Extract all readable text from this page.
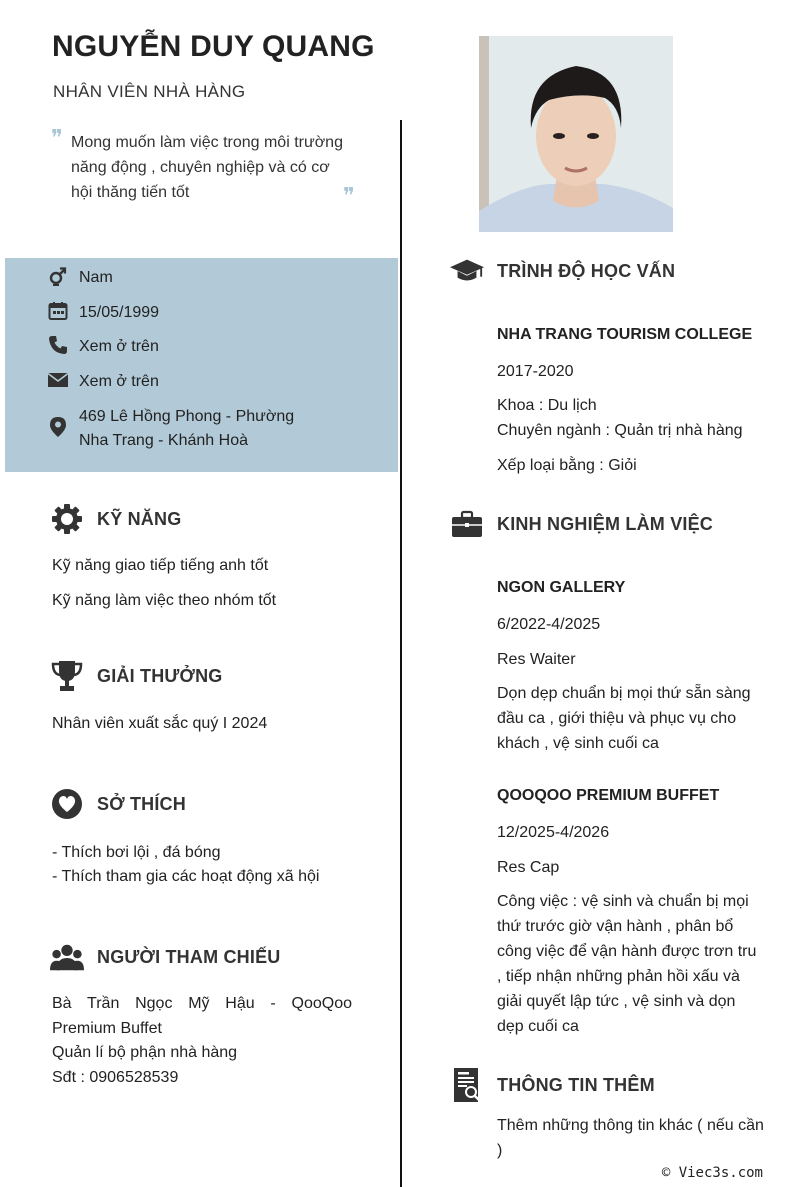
NGUYỄN DUY QUANG
NHÂN VIÊN NHÀ HÀNG
❞ Mong muốn làm việc trong môi trường năng động , chuyên nghiệp và có cơ hội thăng tiến tốt	❞
Nam
15/05/1999
Xem ở trên
Xem ở trên
469 Lê Hồng Phong - Phường
Nha Trang - Khánh Hoà
KỸ NĂNG
Kỹ năng giao tiếp tiếng anh tốt
Kỹ năng làm việc theo nhóm tốt
GIẢI THƯỞNG
Nhân viên xuất sắc quý I 2024
SỞ THÍCH
- Thích bơi lội , đá bóng
- Thích tham gia các hoạt động xã hội
NGƯỜI THAM CHIẾU
Bà Trần Ngọc Mỹ Hậu - QooQoo Premium Buffet
Quản lí bộ phận nhà hàng
Sđt : 0906528539
TRÌNH ĐỘ HỌC VẤN
NHA TRANG TOURISM COLLEGE
2017-2020
Khoa : Du lịch
Chuyên ngành : Quản trị nhà hàng
Xếp loại bằng : Giỏi
KINH NGHIỆM LÀM VIỆC
NGON GALLERY
6/2022-4/2025
Res Waiter
Dọn dẹp chuẩn bị mọi thứ sẵn sàng đầu ca , giới thiệu và phục vụ cho khách , vệ sinh cuối ca
QOOQOO PREMIUM BUFFET
12/2025-4/2026
Res Cap
Công việc : vệ sinh và chuẩn bị mọi thứ trước giờ vận hành , phân bổ công việc để vận hành được trơn tru , tiếp nhận những phản hồi xấu và giải quyết lập tức , vệ sinh và dọn dẹp cuối ca
THÔNG TIN THÊM
Thêm những thông tin khác ( nếu cần )
© Viec3s.com
